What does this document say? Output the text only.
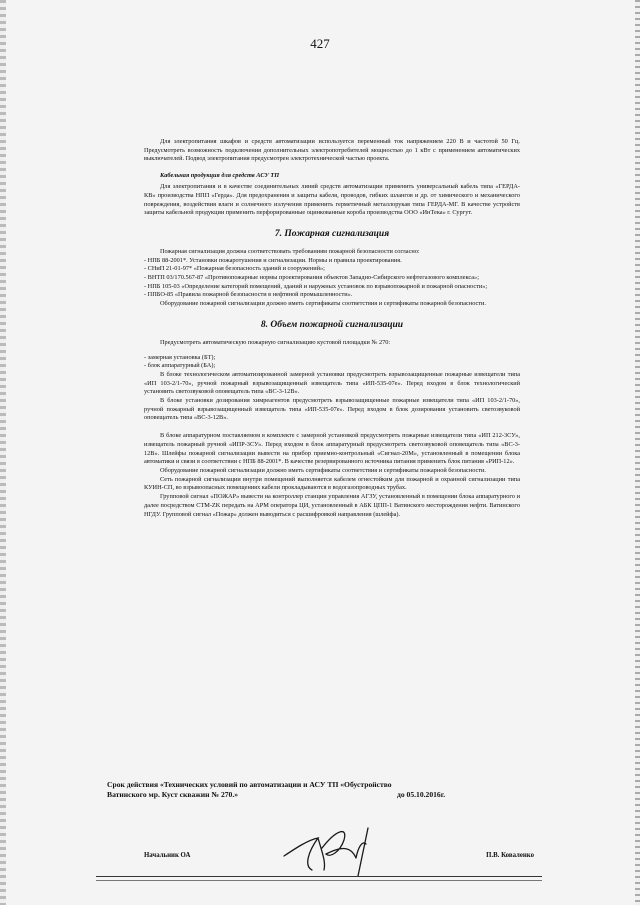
427

Для электропитания шкафов и средств автоматизации используется переменный ток напряжением 220 В и частотой 50 Гц. Предусмотреть возможность подключения дополнительных электропотребителей мощностью до 1 кВт с применением автоматических выключателей. Подвод электропитания предусмотрен электротехнической частью проекта.

Кабельная продукция для средств АСУ ТП

Для электропитания и в качестве соединительных линий средств автоматизации применить универсальный кабель типа «ГЕРДА-КВ» производства НПП «Герда». Для предохранения и защиты кабеля, проводов, гибких шлангов и др. от химического и механического повреждения, воздействия влаги и солнечного излучения применить герметичный металлорукав типа ГЕРДА-МГ. В качестве устройств защиты кабельной продукции применить перфорированные оцинкованные короба производства ООО «ИнТека» г. Сургут.

7. Пожарная сигнализация

Пожарная сигнализация должна соответствовать требованиям пожарной безопасности согласно:

- НПБ 88-2001*. Установки пожаротушения и сигнализации. Нормы и правила проектирования.

- СНиП 21-01-97* «Пожарная безопасность зданий и сооружений»;

- ВНТП 03/170.567-87 «Противопожарные нормы проектирования объектов Западно-Сибирского нефтегазового комплекса»;

- НПБ 105-03 «Определение категорий помещений, зданий и наружных установок по взрывопожарной и пожарной опасности»;

- ППБО-85 «Правила пожарной безопасности в нефтяной промышленности».

Оборудование пожарной сигнализации должно иметь сертификаты соответствия и сертификаты пожарной безопасности.

8. Объем пожарной сигнализации

Предусмотреть автоматическую пожарную сигнализацию кустовой площадки № 270:

- замерная установка (БТ);

- блок аппаратурный (БА);

В блоке технологическом автоматизированной замерной установки предусмотреть взрывозащищенные пожарные извещатели типа «ИП 103-2/1-70», ручной пожарный взрывозащищенный извещатель типа «ИП-535-07е». Перед входом в блок технологический установить светозвуковой оповещатель типа «ВС-3-12В».

В блоке установки дозирования химреагентов предусмотреть взрывозащищенные пожарные извещатели типа «ИП 103-2/1-70», ручной пожарный взрывозащищенный извещатель типа «ИП-535-07е». Перед входом в блок дозирования установить светозвуковой оповещатель типа «ВС-3-12В».

В блоке аппаратурном поставляемом в комплекте с замерной установкой предусмотреть пожарные извещатели типа «ИП 212-3СУ», извещатель пожарный ручной «ИПР-3СУ». Перед входом в блок аппаратурный предусмотреть светозвуковой оповещатель типа «ВС-3-12В». Шлейфы пожарной сигнализации вывести на прибор приемно-контрольный «Сигнал-20М», установленный в помещении блока автоматики и связи в соответствии с НПБ 88-2001*. В качестве резервированного источника питания применить блок питания «РИП-12».

Оборудование пожарной сигнализации должно иметь сертификаты соответствия и сертификаты пожарной безопасности.

Сеть пожарной сигнализации внутри помещений выполняется кабелем огнестойким для пожарной и охранной сигнализации типа КУИН-СП, во взрывоопасных помещениях кабели прокладываются в водогазопроводных трубах.

Групповой сигнал «ПОЖАР» вывести на контроллер станции управления АГЗУ, установленный в помещении блока аппаратурного и далее посредством СТМ-ZK передать на АРМ оператора ЦИ, установленный в АБК ЦПП-1 Ватинского месторождения нефти. Ватинского НГДУ. Групповой сигнал «Пожар» должен выводиться с расшифровкой направления (шлейфа).

Срок действия «Технических условий по автоматизации и АСУ ТП «Обустройство
Ватинского мр. Куст скважин № 270.»	до 05.10.2016г.
Начальник ОА	П.В. Коваленко
